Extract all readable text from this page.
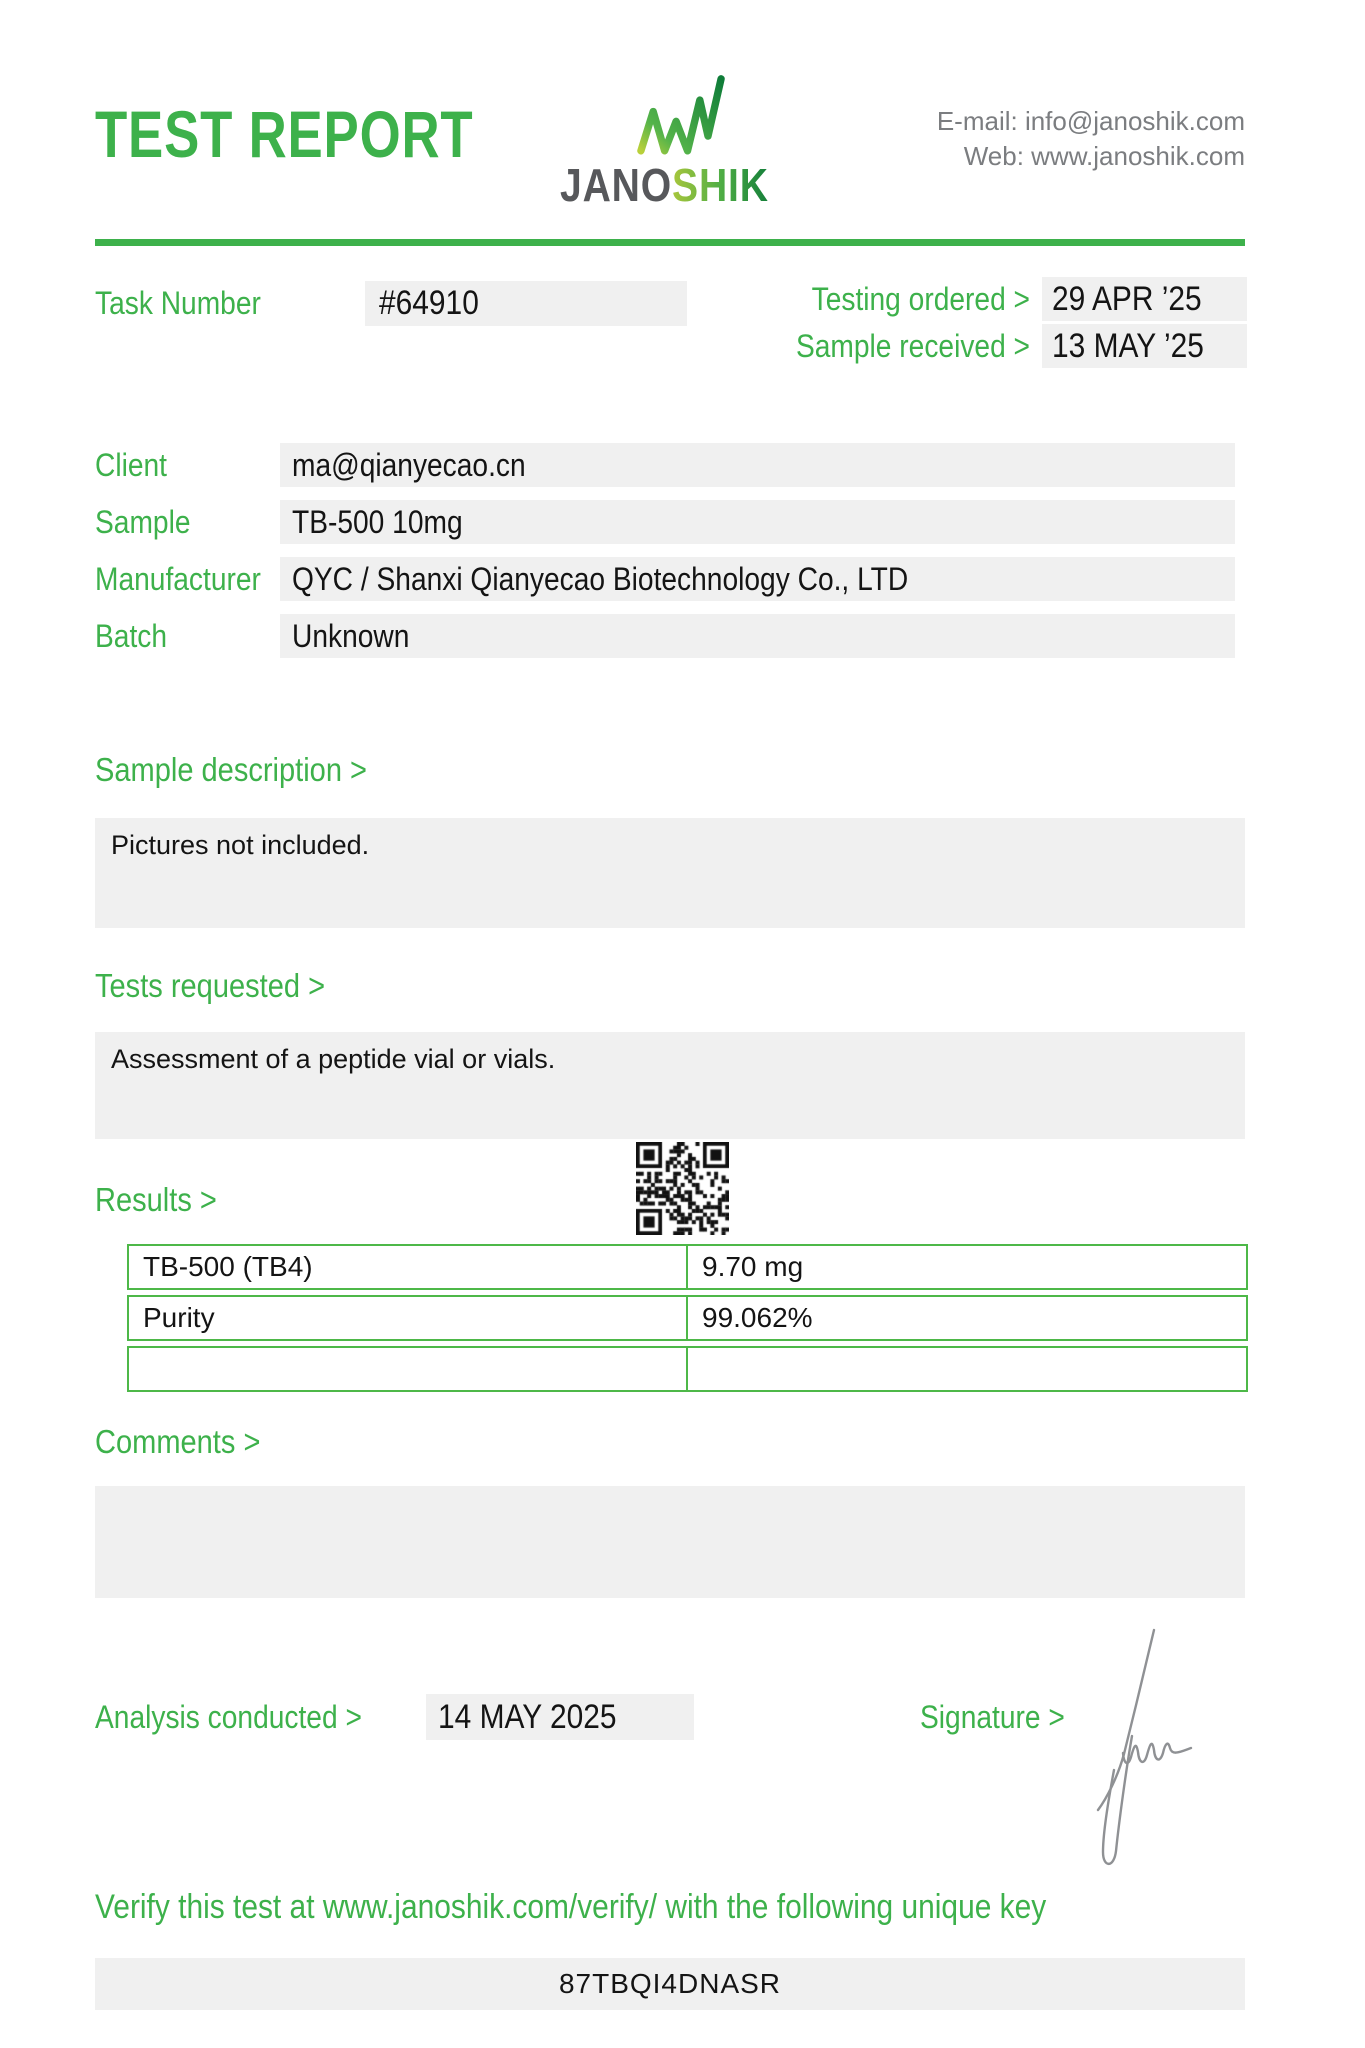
TEST REPORT
JANOSHIK
E-mail: info@janoshik.com
Web: www.janoshik.com
Task Number	#64910	Testing ordered > 29 APR ’25
Sample received > 13 MAY ’25
Client	ma@qianyecao.cn
Sample	TB-500 10mg
Manufacturer QYC / Shanxi Qianyecao Biotechnology Co., LTD
Batch	Unknown
Sample description >
Pictures not included.
Tests requested >
Assessment of a peptide vial or vials.
Results >
TB-500 (TB4)	9.70 mg
Purity	99.062%
Comments >
Analysis conducted > 14 MAY 2025	Signature >
Verify this test at www.janoshik.com/verify/ with the following unique key
87TBQI4DNASR
